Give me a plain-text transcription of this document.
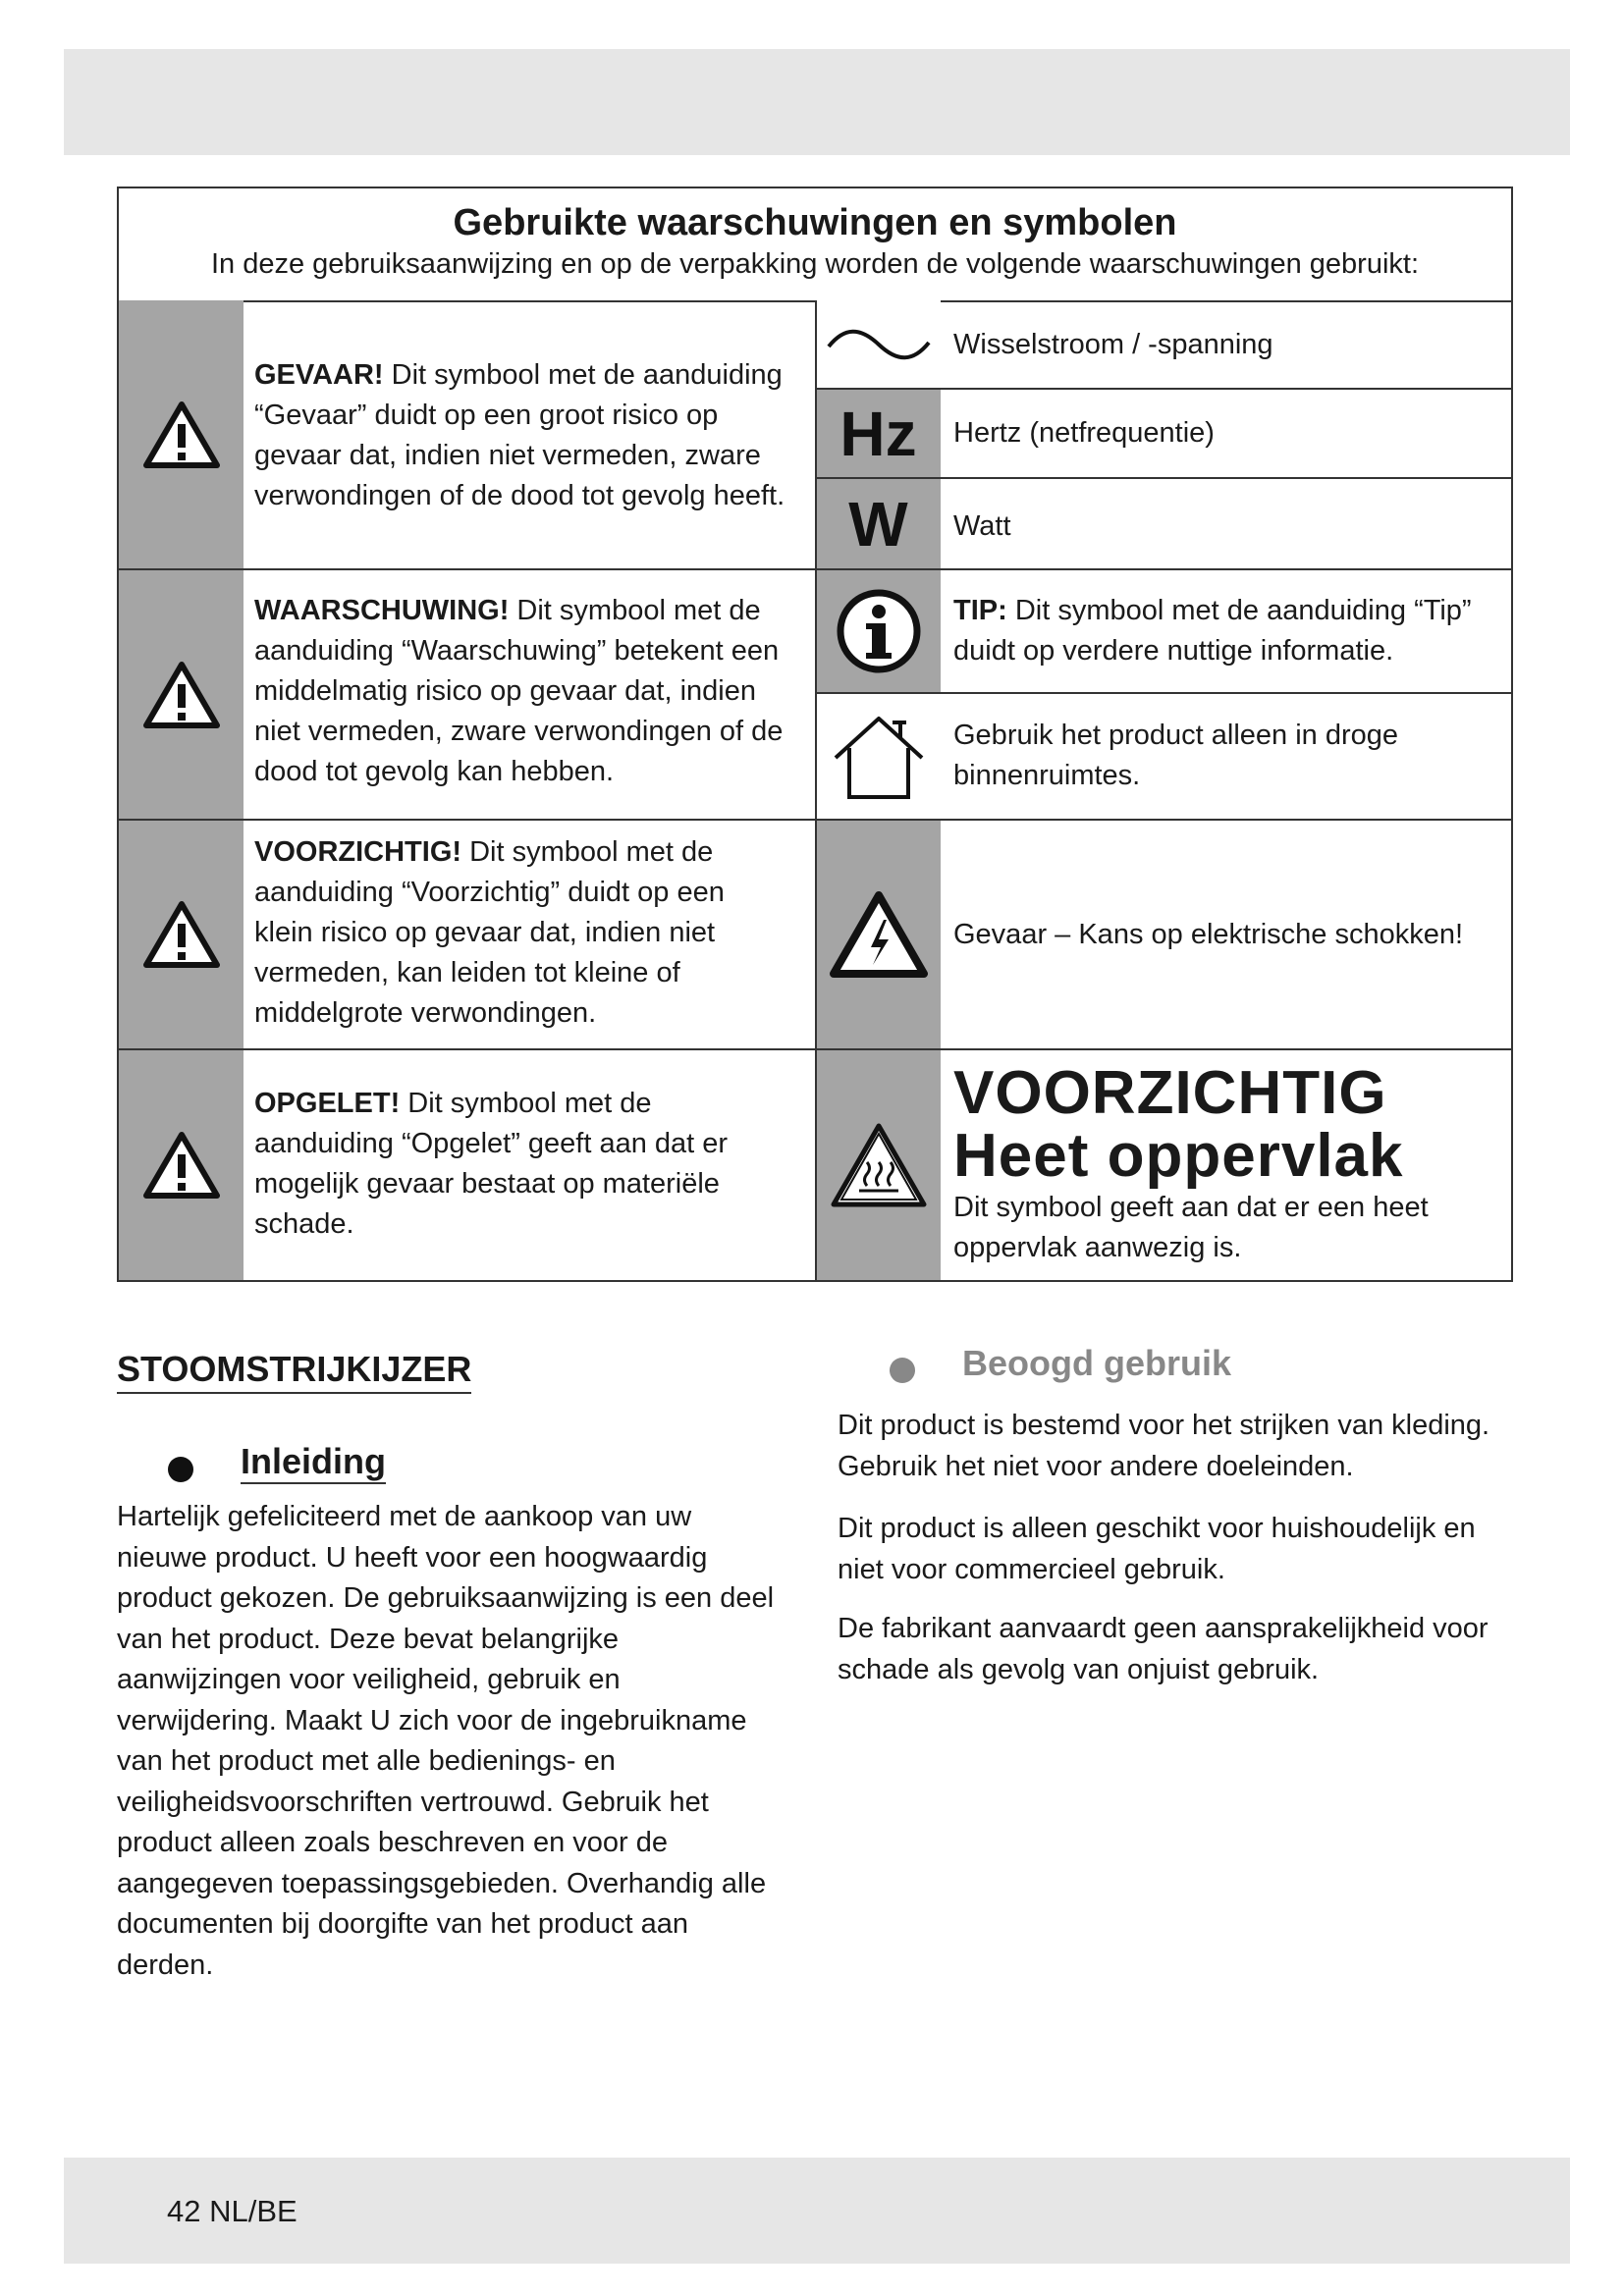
Gebruikte waarschuwingen en symbolen
In deze gebruiksaanwijzing en op de verpakking worden de volgende waarschuwingen gebruikt:
Hz
W
GEVAAR! Dit symbool met de aanduiding “Gevaar” duidt op een groot risico op gevaar dat, indien niet vermeden, zware verwondingen of de dood tot gevolg heeft.
WAARSCHUWING! Dit symbool met de aanduiding “Waarschuwing” betekent een middelmatig risico op gevaar dat, indien niet vermeden, zware verwondingen of de dood tot gevolg kan hebben.
VOORZICHTIG! Dit symbool met de aanduiding “Voorzichtig” duidt op een klein risico op gevaar dat, indien niet vermeden, kan leiden tot kleine of middelgrote verwondingen.
OPGELET! Dit symbool met de aanduiding “Opgelet” geeft aan dat er mogelijk gevaar bestaat op materiële schade.
Wisselstroom / -spanning
Hertz (netfrequentie)
Watt
TIP: Dit symbool met de aanduiding “Tip” duidt op verdere nuttige informatie.
Gebruik het product alleen in droge binnenruimtes.
Gevaar – Kans op elektrische schokken!
VOORZICHTIG
Heet oppervlak
Dit symbool geeft aan dat er een heet oppervlak aanwezig is.
STOOMSTRIJKIJZER
Inleiding
Hartelijk gefeliciteerd met de aankoop van uw nieuwe product. U heeft voor een hoogwaardig product gekozen. De gebruiksaanwijzing is een deel van het product. Deze bevat belangrijke aanwijzingen voor veiligheid, gebruik en verwijdering. Maakt U zich voor de ingebruikname van het product met alle bedienings- en veiligheidsvoorschriften vertrouwd. Gebruik het product alleen zoals beschreven en voor de aangegeven toepassingsgebieden. Overhandig alle documenten bij doorgifte van het product aan derden.
Beoogd gebruik
Dit product is bestemd voor het strijken van kleding. Gebruik het niet voor andere doeleinden.
Dit product is alleen geschikt voor huishoudelijk en niet voor commercieel gebruik.
De fabrikant aanvaardt geen aansprakelijkheid voor schade als gevolg van onjuist gebruik.
42 NL/BE
